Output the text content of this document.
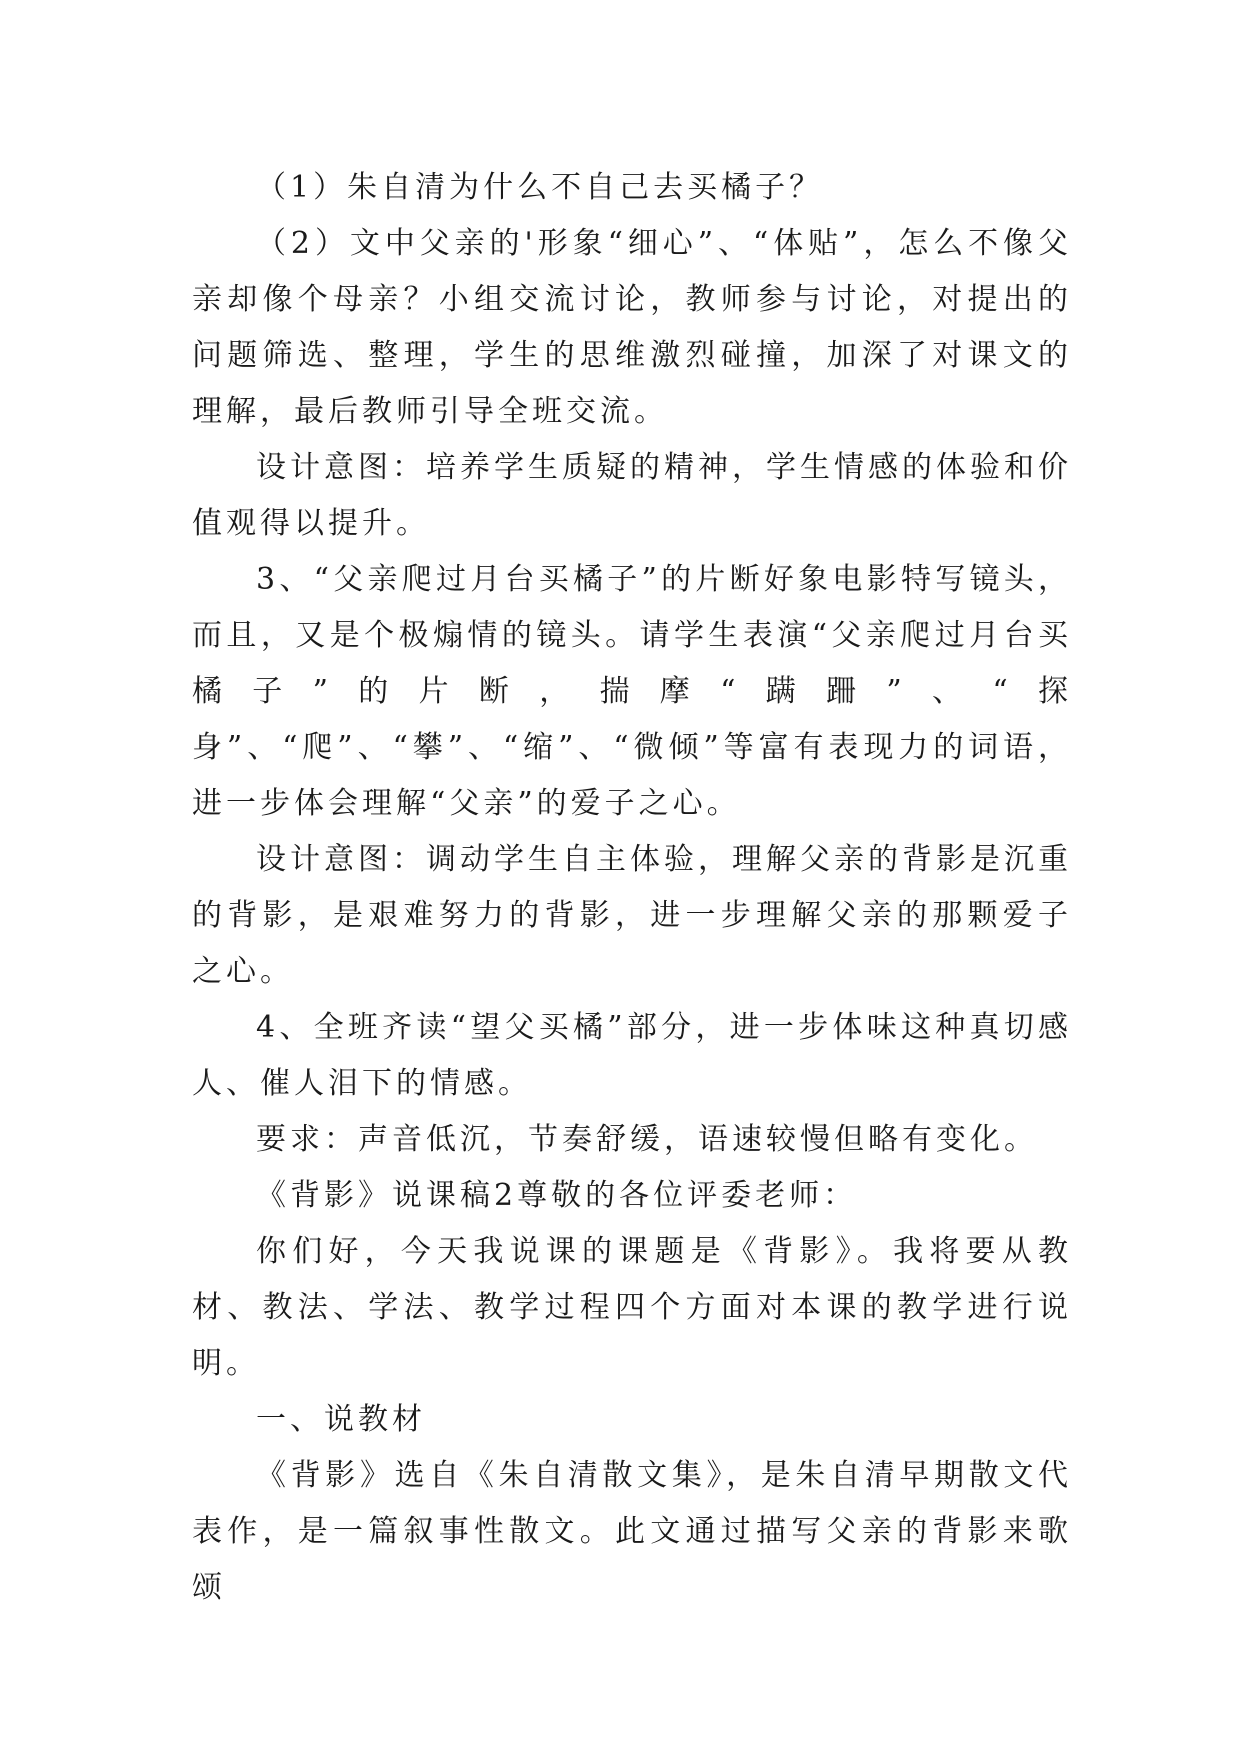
（1）朱自清为什么不自己去买橘子？

（2）文中父亲的'形象“细心”、“体贴”，怎么不像父亲却像个母亲？小组交流讨论，教师参与讨论，对提出的问题筛选、整理，学生的思维激烈碰撞，加深了对课文的理解，最后教师引导全班交流。

设计意图：培养学生质疑的精神，学生情感的体验和价值观得以提升。

3、“父亲爬过月台买橘子”的片断好象电影特写镜头，而且，又是个极煽情的镜头。请学生表演“父亲爬过月台买橘子”的片断，揣摩“蹒跚”、“探身”、“爬”、“攀”、“缩”、“微倾”等富有表现力的词语，进一步体会理解“父亲”的爱子之心。

设计意图：调动学生自主体验，理解父亲的背影是沉重的背影，是艰难努力的背影，进一步理解父亲的那颗爱子之心。

4、全班齐读“望父买橘”部分，进一步体味这种真切感人、催人泪下的情感。

要求：声音低沉，节奏舒缓，语速较慢但略有变化。

《背影》说课稿2尊敬的各位评委老师：

你们好，今天我说课的课题是《背影》。我将要从教材、教法、学法、教学过程四个方面对本课的教学进行说明。

一、说教材

《背影》选自《朱自清散文集》，是朱自清早期散文代表作，是一篇叙事性散文。此文通过描写父亲的背影来歌颂
